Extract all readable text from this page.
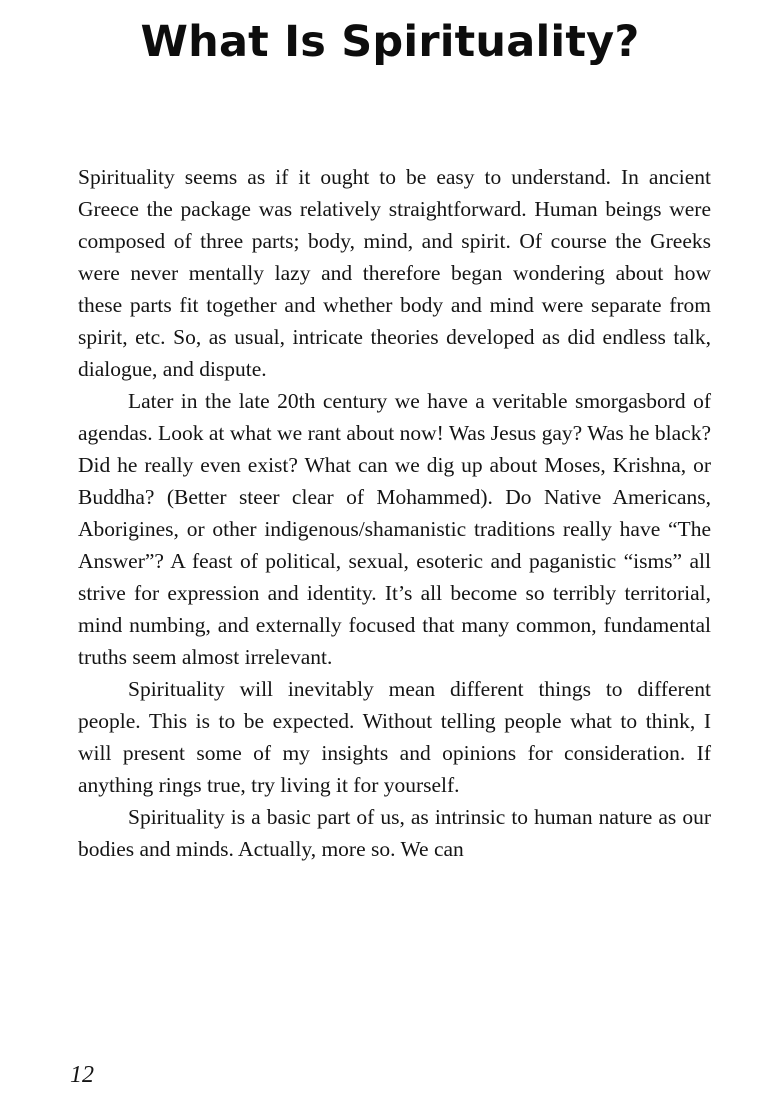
What Is Spirituality?

Spirituality seems as if it ought to be easy to understand. In ancient Greece the package was relatively straightforward. Human beings were composed of three parts; body, mind, and spirit. Of course the Greeks were never mentally lazy and therefore began wondering about how these parts fit together and whether body and mind were separate from spirit, etc. So, as usual, intricate theories developed as did endless talk, dialogue, and dispute.

Later in the late 20th century we have a veritable smorgasbord of agendas. Look at what we rant about now! Was Jesus gay? Was he black? Did he really even exist? What can we dig up about Moses, Krishna, or Buddha? (Better steer clear of Mohammed). Do Native Americans, Aborigines, or other indigenous/shamanistic traditions really have “The Answer”? A feast of political, sexual, esoteric and paganistic “isms” all strive for expression and identity. It’s all become so terribly territorial, mind numbing, and externally focused that many common, fundamental truths seem almost irrelevant.

Spirituality will inevitably mean different things to different people. This is to be expected. Without telling people what to think, I will present some of my insights and opinions for consideration. If anything rings true, try living it for yourself.

Spirituality is a basic part of us, as intrinsic to human nature as our bodies and minds. Actually, more so. We can

12
